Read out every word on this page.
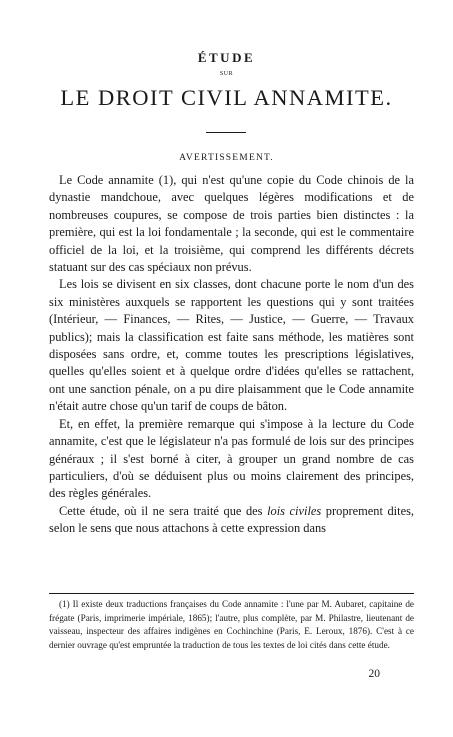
ÉTUDE
SUR
LE DROIT CIVIL ANNAMITE.
AVERTISSEMENT.

Le Code annamite (1), qui n'est qu'une copie du Code chinois de la dynastie mandchoue, avec quelques légères modifications et de nombreuses coupures, se compose de trois parties bien distinctes : la première, qui est la loi fondamentale ; la seconde, qui est le commentaire officiel de la loi, et la troisième, qui comprend les différents décrets statuant sur des cas spéciaux non prévus.

Les lois se divisent en six classes, dont chacune porte le nom d'un des six ministères auxquels se rapportent les questions qui y sont traitées (Intérieur, — Finances, — Rites, — Justice, — Guerre, — Travaux publics); mais la classification est faite sans méthode, les matières sont disposées sans ordre, et, comme toutes les prescriptions législatives, quelles qu'elles soient et à quelque ordre d'idées qu'elles se rattachent, ont une sanction pénale, on a pu dire plaisamment que le Code annamite n'était autre chose qu'un tarif de coups de bâton.

Et, en effet, la première remarque qui s'impose à la lecture du Code annamite, c'est que le législateur n'a pas formulé de lois sur des principes généraux ; il s'est borné à citer, à grouper un grand nombre de cas particuliers, d'où se déduisent plus ou moins clairement des principes, des règles générales.

Cette étude, où il ne sera traité que des lois civiles proprement dites, selon le sens que nous attachons à cette expression dans

(1) Il existe deux traductions françaises du Code annamite : l'une par M. Aubaret, capitaine de frégate (Paris, imprimerie impériale, 1865); l'autre, plus complète, par M. Philastre, lieutenant de vaisseau, inspecteur des affaires indigènes en Cochinchine (Paris, E. Leroux, 1876). C'est à ce dernier ouvrage qu'est empruntée la traduction de tous les textes de loi cités dans cette étude.

20
